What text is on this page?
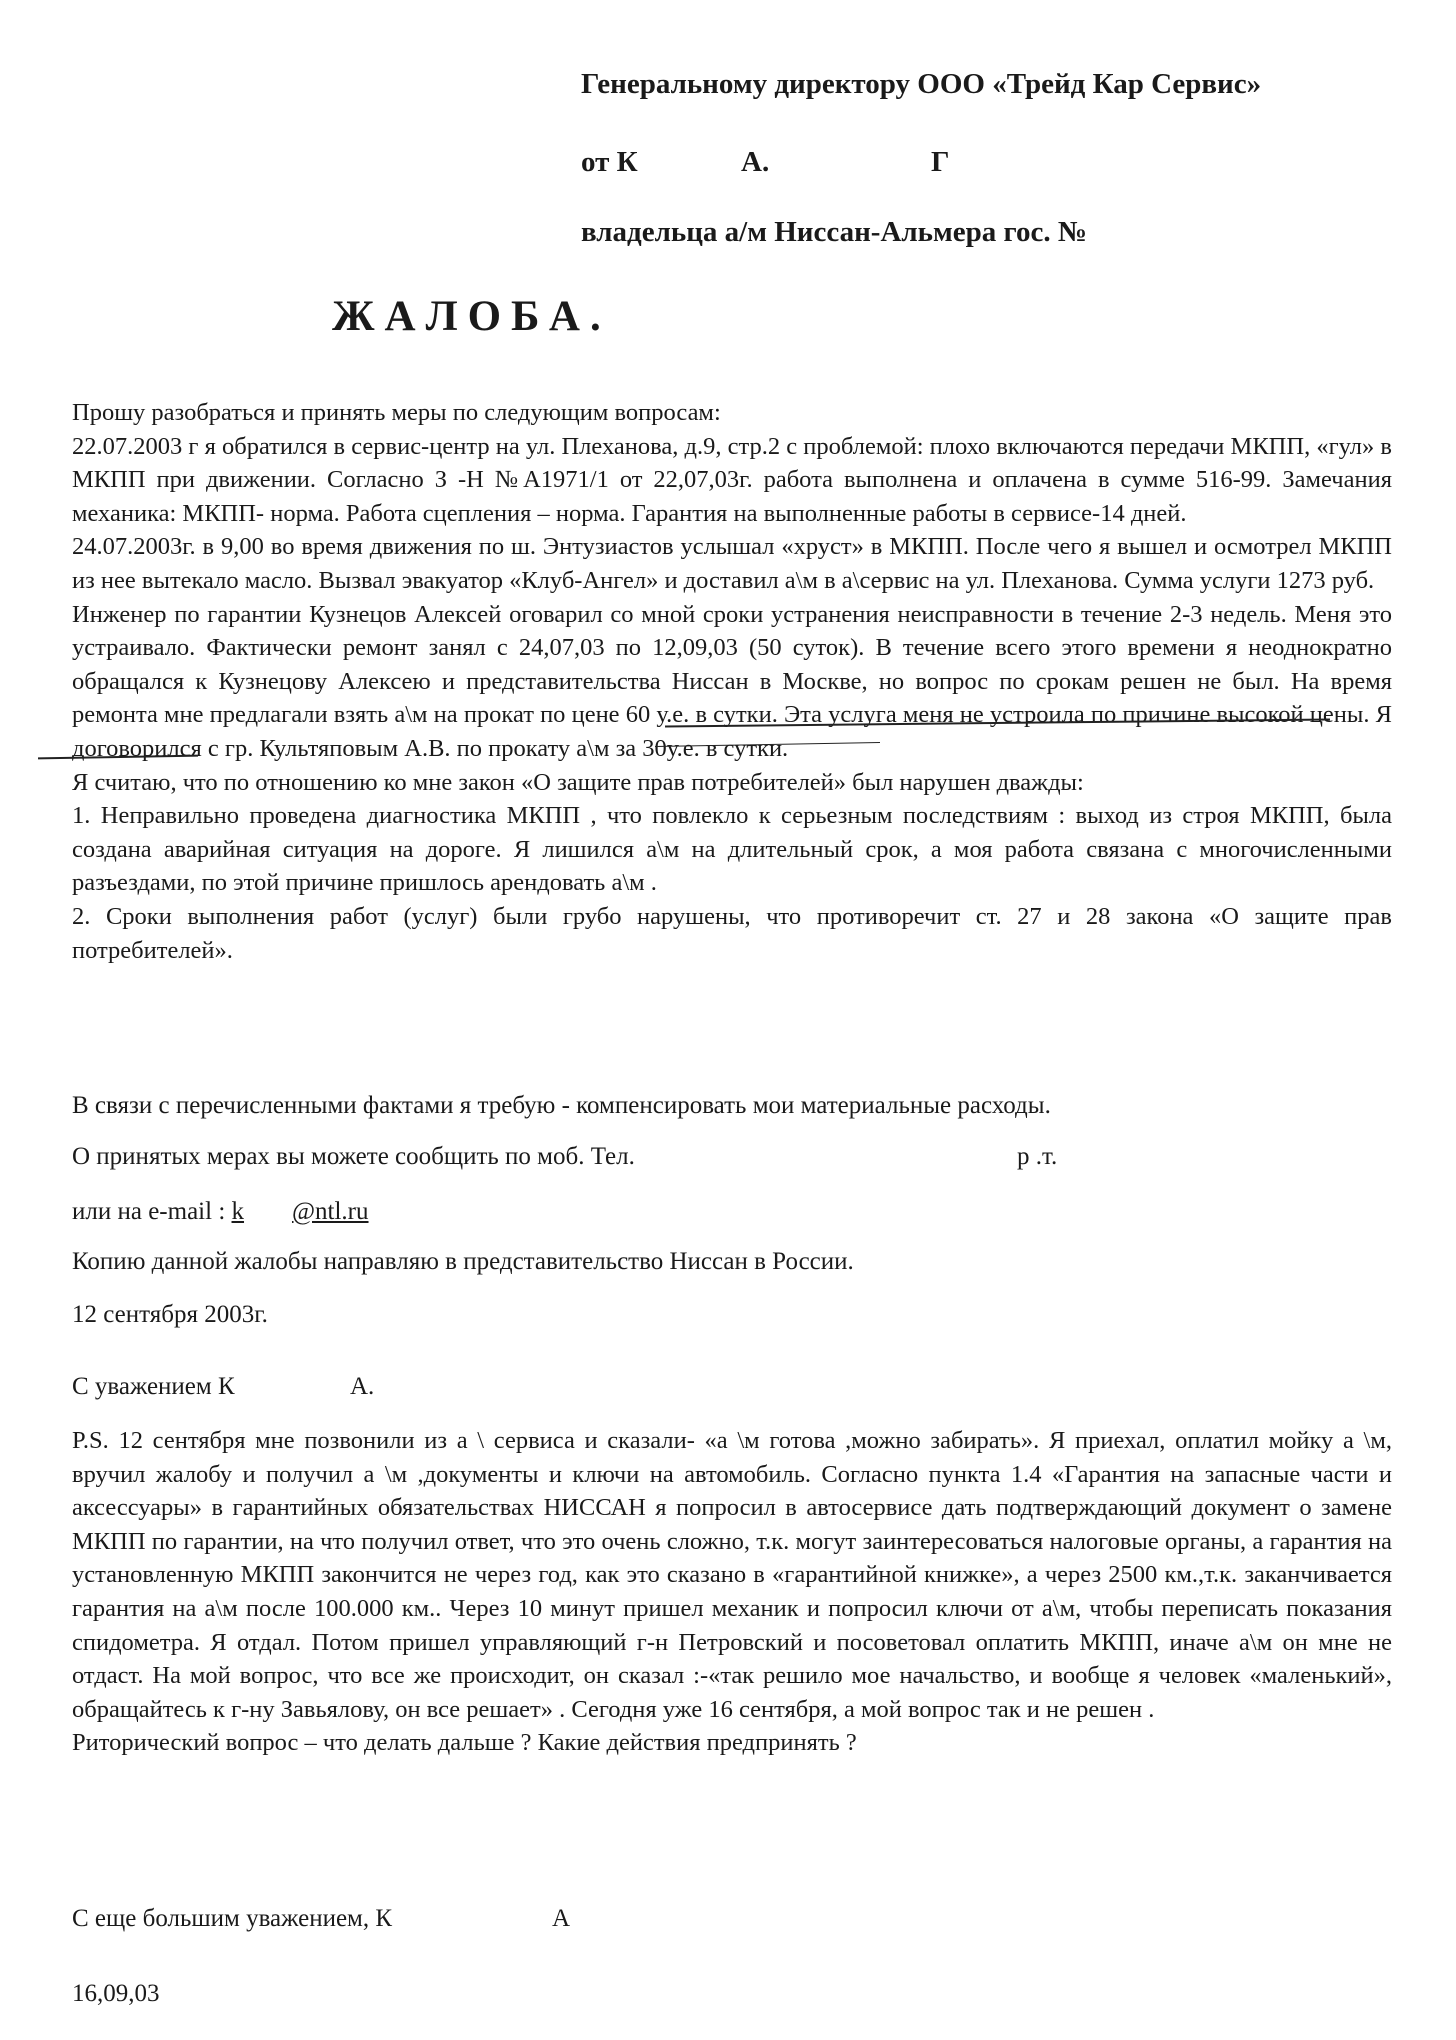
Генеральному директору ООО «Трейд Кар Сервис»
от К	А.	Г
владельца а/м Ниссан-Альмера гос. №
ЖАЛОБА.

Прошу разобраться и принять меры по следующим вопросам:

22.07.2003 г я обратился в сервис-центр на ул. Плеханова, д.9, стр.2 с проблемой: плохо включаются передачи МКПП, «гул» в МКПП при движении. Согласно З -Н №А1971/1 от 22,07,03г. работа выполнена и оплачена в сумме 516-99. Замечания механика: МКПП- норма. Работа сцепления – норма. Гарантия на выполненные работы в сервисе-14 дней.

24.07.2003г. в 9,00 во время движения по ш. Энтузиастов услышал «хруст» в МКПП. После чего я вышел и осмотрел МКПП из нее вытекало масло. Вызвал эвакуатор «Клуб-Ангел» и доставил а\м в а\сервис на ул. Плеханова. Сумма услуги 1273 руб.

Инженер по гарантии Кузнецов Алексей оговарил со мной сроки устранения неисправности в течение 2-3 недель. Меня это устраивало. Фактически ремонт занял с 24,07,03 по 12,09,03 (50 суток). В течение всего этого времени я неоднократно обращался к Кузнецову Алексею и представительства Ниссан в Москве, но вопрос по срокам решен не был. На время ремонта мне предлагали взять а\м на прокат по цене 60 у.е. в сутки. Эта услуга меня не устроила по причине высокой цены. Я договорился с гр. Культяповым А.В. по прокату а\м за 30у.е. в сутки.

Я считаю, что по отношению ко мне закон «О защите прав потребителей» был нарушен дважды:

1. Неправильно проведена диагностика МКПП , что повлекло к серьезным последствиям : выход из строя МКПП, была создана аварийная ситуация на дороге. Я лишился а\м на длительный срок, а моя работа связана с многочисленными разъездами, по этой причине пришлось арендовать а\м .

2. Сроки выполнения работ (услуг) были грубо нарушены, что противоречит ст. 27 и 28 закона «О защите прав потребителей».

В связи с перечисленными фактами я требую - компенсировать мои материальные расходы.
О принятых мерах вы можете сообщить по моб. Тел.	р .т.
или на e-mail : k @ntl.ru
Копию данной жалобы направляю в представительство Ниссан в России.
12 сентября 2003г.
С уважением К	А.

P.S. 12 сентября мне позвонили из а \ сервиса и сказали- «а \м готова ,можно забирать». Я приехал, оплатил мойку а \м, вручил жалобу и получил а \м ,документы и ключи на автомобиль. Согласно пункта 1.4 «Гарантия на запасные части и аксессуары» в гарантийных обязательствах НИССАН я попросил в автосервисе дать подтверждающий документ о замене МКПП по гарантии, на что получил ответ, что это очень сложно, т.к. могут заинтересоваться налоговые органы, а гарантия на установленную МКПП закончится не через год, как это сказано в «гарантийной книжке», а через 2500 км.,т.к. заканчивается гарантия на а\м после 100.000 км.. Через 10 минут пришел механик и попросил ключи от а\м, чтобы переписать показания спидометра. Я отдал. Потом пришел управляющий г-н Петровский и посоветовал оплатить МКПП, иначе а\м он мне не отдаст. На мой вопрос, что все же происходит, он сказал :-«так решило мое начальство, и вообще я человек «маленький», обращайтесь к г-ну Завьялову, он все решает» . Сегодня уже 16 сентября, а мой вопрос так и не решен .

Риторический вопрос – что делать дальше ? Какие действия предпринять ?

С еще большим уважением, К	А
16,09,03
